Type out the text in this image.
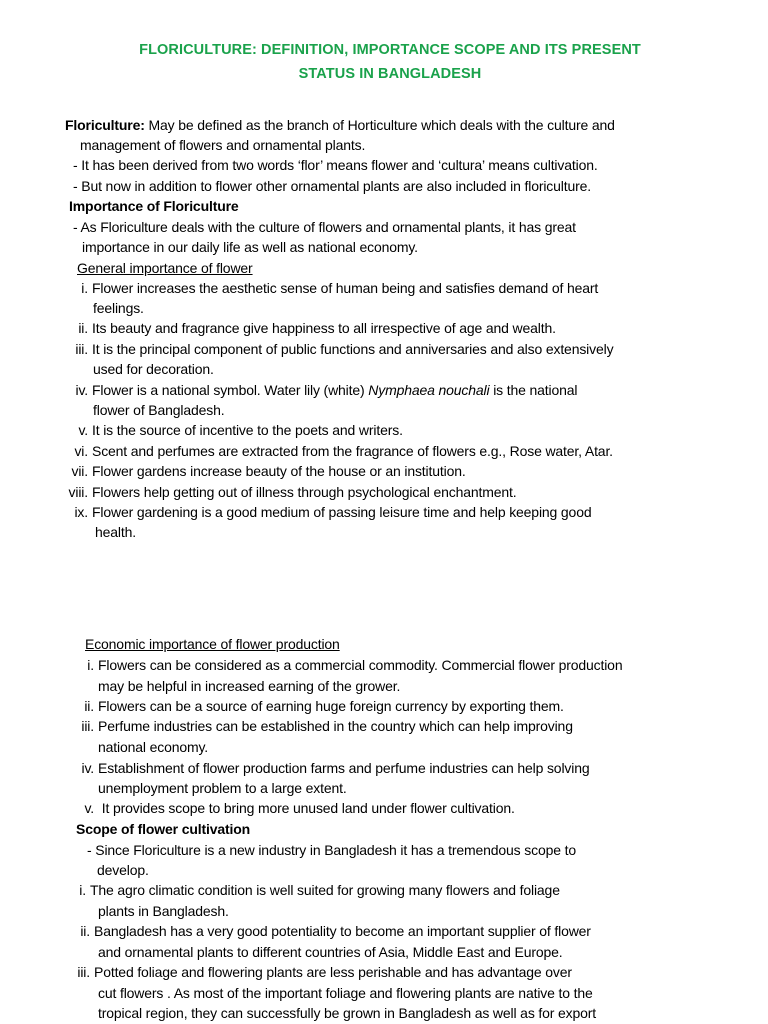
FLORICULTURE: DEFINITION, IMPORTANCE SCOPE AND ITS PRESENT
STATUS IN BANGLADESH
Floriculture: May be defined as the branch of Horticulture which deals with the culture and
management of flowers and ornamental plants.
- It has been derived from two words ‘flor’ means flower and ‘cultura’ means cultivation.
- But now in addition to flower other ornamental plants are also included in floriculture.
Importance of Floriculture
- As Floriculture deals with the culture of flowers and ornamental plants, it has great
importance in our daily life as well as national economy.
General importance of flower
i. Flower increases the aesthetic sense of human being and satisfies demand of heart
feelings.
ii. Its beauty and fragrance give happiness to all irrespective of age and wealth.
iii. It is the principal component of public functions and anniversaries and also extensively
used for decoration.
iv. Flower is a national symbol. Water lily (white) Nymphaea nouchali is the national
flower of Bangladesh.
v. It is the source of incentive to the poets and writers.
vi. Scent and perfumes are extracted from the fragrance of flowers e.g., Rose water, Atar.
vii. Flower gardens increase beauty of the house or an institution.
viii. Flowers help getting out of illness through psychological enchantment.
ix. Flower gardening is a good medium of passing leisure time and help keeping good
health.
Economic importance of flower production
i. Flowers can be considered as a commercial commodity. Commercial flower production
may be helpful in increased earning of the grower.
ii. Flowers can be a source of earning huge foreign currency by exporting them.
iii. Perfume industries can be established in the country which can help improving
national economy.
iv. Establishment of flower production farms and perfume industries can help solving
unemployment problem to a large extent.
v. It provides scope to bring more unused land under flower cultivation.
Scope of flower cultivation
- Since Floriculture is a new industry in Bangladesh it has a tremendous scope to
develop.
i. The agro climatic condition is well suited for growing many flowers and foliage
plants in Bangladesh.
ii. Bangladesh has a very good potentiality to become an important supplier of flower
and ornamental plants to different countries of Asia, Middle East and Europe.
iii. Potted foliage and flowering plants are less perishable and has advantage over
cut flowers . As most of the important foliage and flowering plants are native to the
tropical region, they can successfully be grown in Bangladesh as well as for export
